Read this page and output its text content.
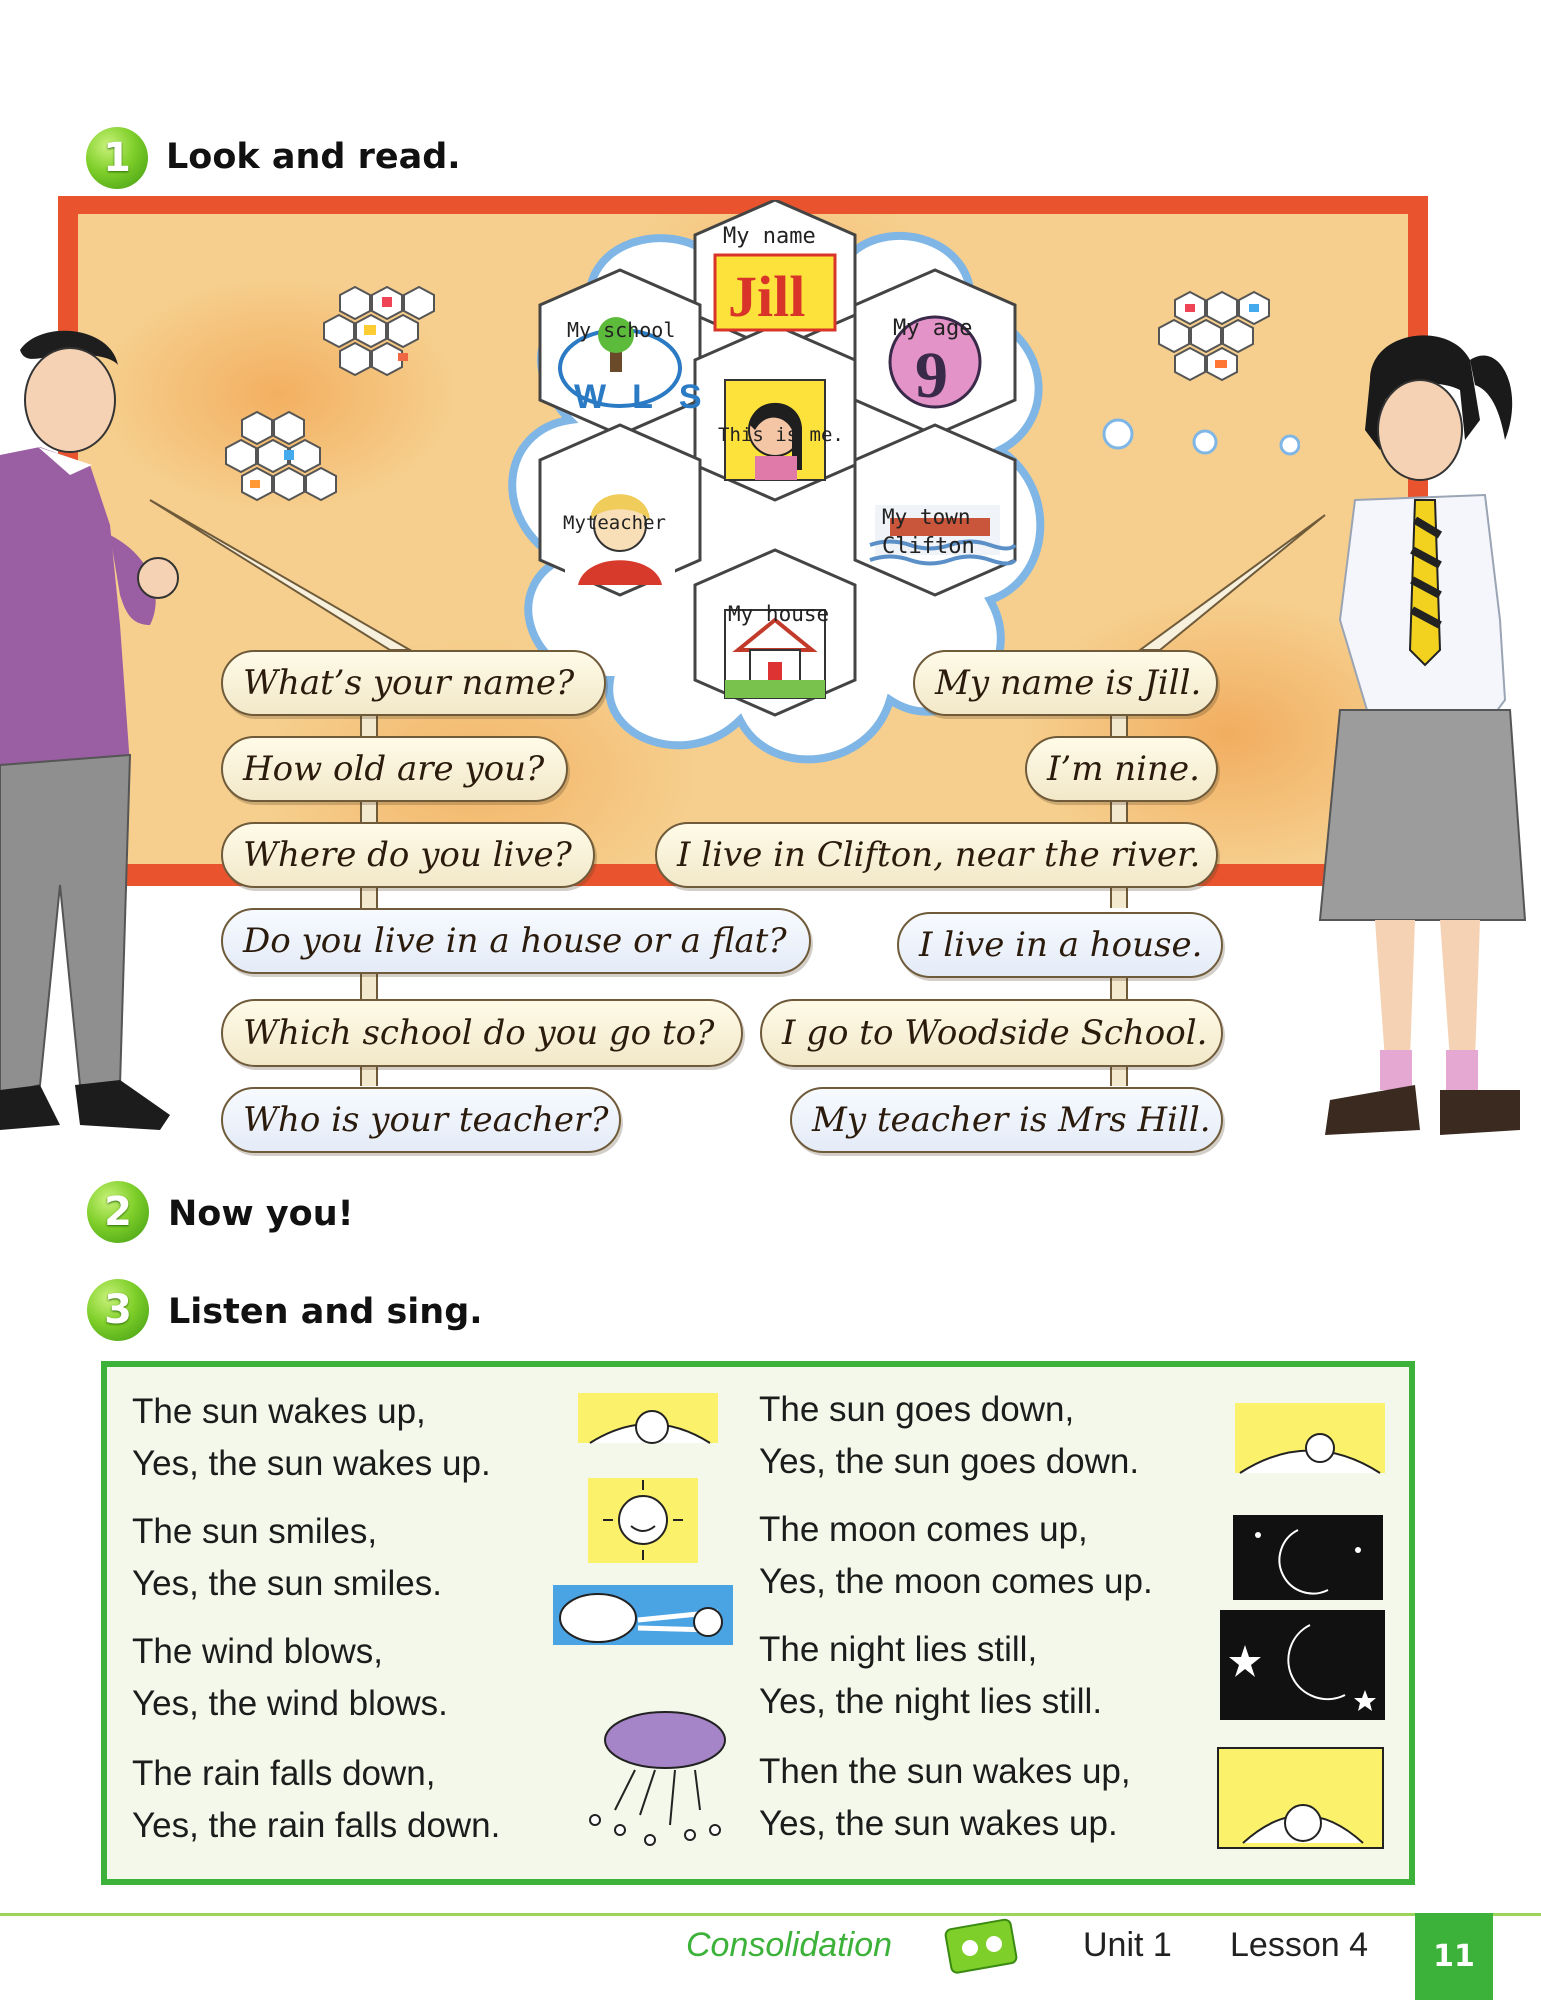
1	Look and read.
My name
Jill
My school
WLS
My age
9
This is me.
Myteacher	My town
Clifton
My house
What’s your name?
How old are you?
Where do you live?
Do you live in a house or a flat?
Which school do you go to?
Who is your teacher?
My name is Jill.
I’m nine.
I live in Clifton, near the river.
I live in a house.
I go to Woodside School.
My teacher is Mrs Hill.
2	Now you!
3	Listen and sing.
The sun wakes up,
Yes, the sun wakes up.
The sun smiles,
Yes, the sun smiles.
The wind blows,
Yes, the wind blows.
The rain falls down,
Yes, the rain falls down.
The sun goes down,
Yes, the sun goes down.
The moon comes up,
Yes, the moon comes up.
The night lies still,
Yes, the night lies still.
Then the sun wakes up,
Yes, the sun wakes up.
Consolidation	Unit 1 Lesson 4	11
